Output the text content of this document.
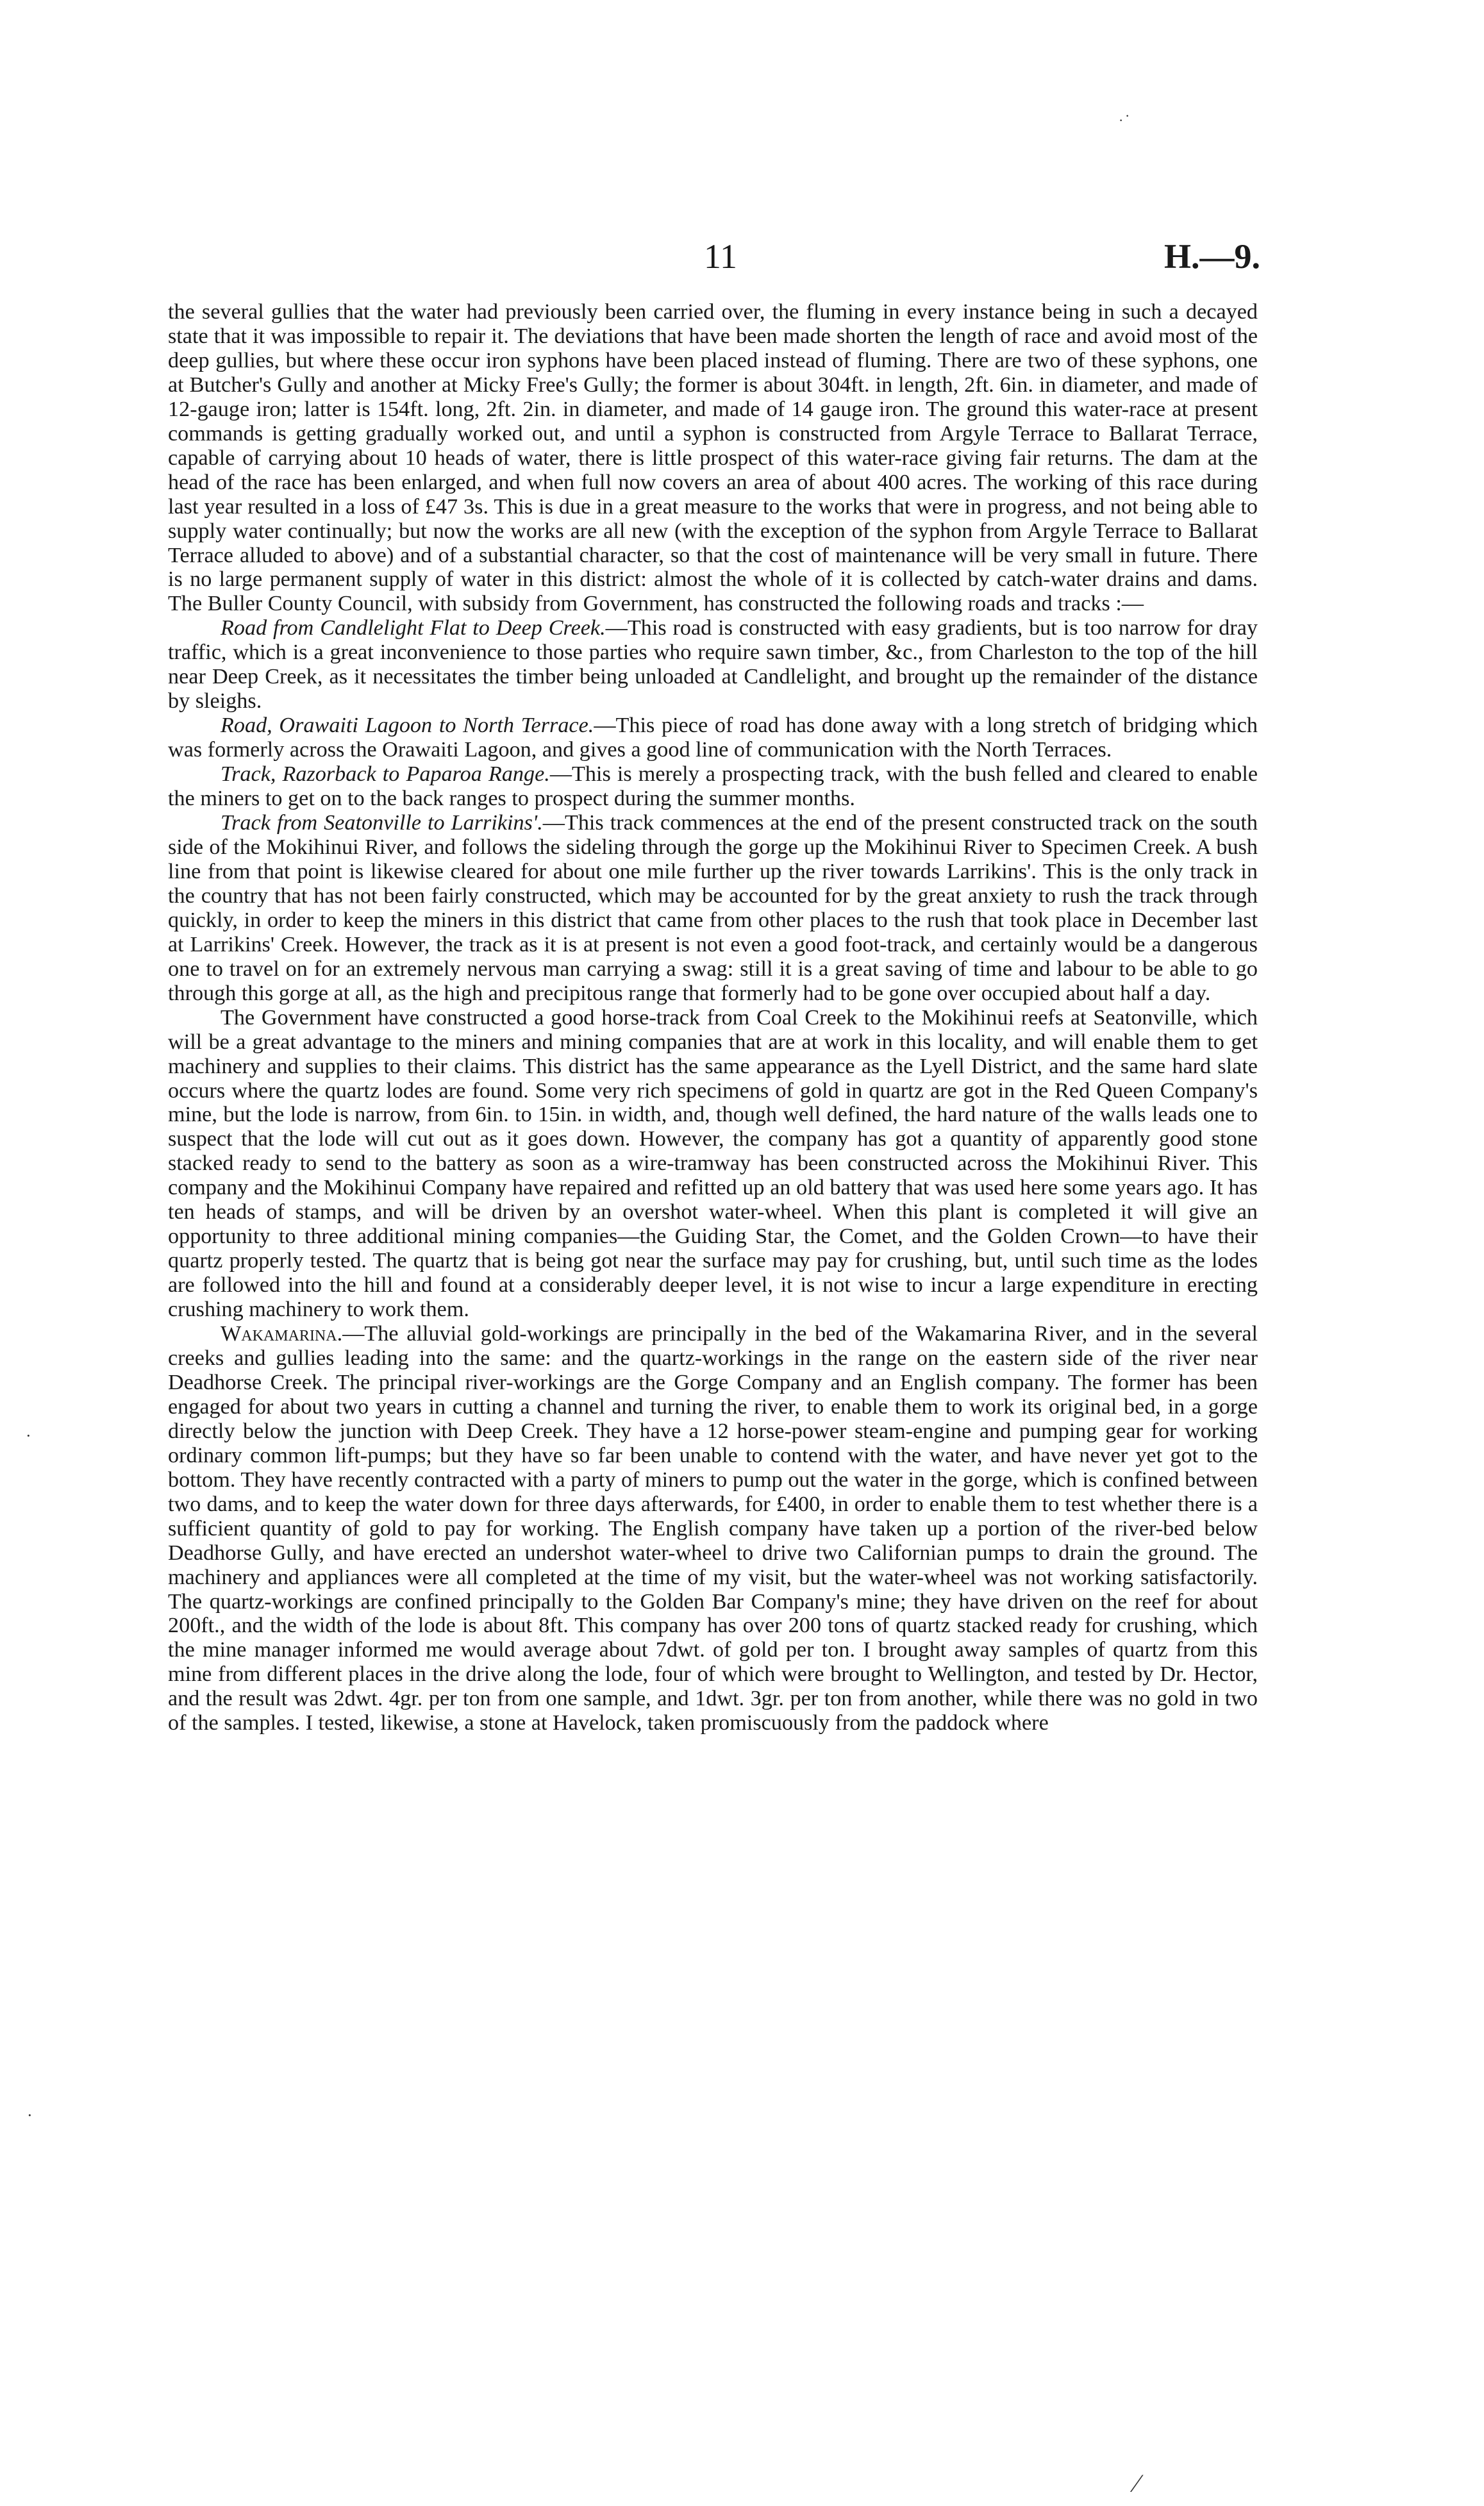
11	H.—9.
· ·
·
·
⁄

the several gullies that the water had previously been carried over, the fluming in every instance being in such a decayed state that it was impossible to repair it. The deviations that have been made shorten the length of race and avoid most of the deep gullies, but where these occur iron syphons have been placed instead of fluming. There are two of these syphons, one at Butcher's Gully and another at Micky Free's Gully; the former is about 304ft. in length, 2ft. 6in. in diameter, and made of 12-gauge iron; latter is 154ft. long, 2ft. 2in. in diameter, and made of 14 gauge iron. The ground this water-race at present commands is getting gradually worked out, and until a syphon is constructed from Argyle Terrace to Ballarat Terrace, capable of carrying about 10 heads of water, there is little prospect of this water-race giving fair returns. The dam at the head of the race has been enlarged, and when full now covers an area of about 400 acres. The working of this race during last year resulted in a loss of £47 3s. This is due in a great measure to the works that were in progress, and not being able to supply water continually; but now the works are all new (with the exception of the syphon from Argyle Terrace to Ballarat Terrace alluded to above) and of a substantial character, so that the cost of maintenance will be very small in future. There is no large permanent supply of water in this district: almost the whole of it is collected by catch-water drains and dams. The Buller County Council, with subsidy from Government, has constructed the following roads and tracks :—

Road from Candlelight Flat to Deep Creek.—This road is constructed with easy gradients, but is too narrow for dray traffic, which is a great inconvenience to those parties who require sawn timber, &c., from Charleston to the top of the hill near Deep Creek, as it necessitates the timber being unloaded at Candlelight, and brought up the remainder of the distance by sleighs.

Road, Orawaiti Lagoon to North Terrace.—This piece of road has done away with a long stretch of bridging which was formerly across the Orawaiti Lagoon, and gives a good line of communication with the North Terraces.

Track, Razorback to Paparoa Range.—This is merely a prospecting track, with the bush felled and cleared to enable the miners to get on to the back ranges to prospect during the summer months.

Track from Seatonville to Larrikins'.—This track commences at the end of the present constructed track on the south side of the Mokihinui River, and follows the sideling through the gorge up the Mokihinui River to Specimen Creek. A bush line from that point is likewise cleared for about one mile further up the river towards Larrikins'. This is the only track in the country that has not been fairly constructed, which may be accounted for by the great anxiety to rush the track through quickly, in order to keep the miners in this district that came from other places to the rush that took place in December last at Larrikins' Creek. However, the track as it is at present is not even a good foot-track, and certainly would be a dangerous one to travel on for an extremely nervous man carrying a swag: still it is a great saving of time and labour to be able to go through this gorge at all, as the high and precipitous range that formerly had to be gone over occupied about half a day.

The Government have constructed a good horse-track from Coal Creek to the Mokihinui reefs at Seatonville, which will be a great advantage to the miners and mining companies that are at work in this locality, and will enable them to get machinery and supplies to their claims. This district has the same appearance as the Lyell District, and the same hard slate occurs where the quartz lodes are found. Some very rich specimens of gold in quartz are got in the Red Queen Company's mine, but the lode is narrow, from 6in. to 15in. in width, and, though well defined, the hard nature of the walls leads one to suspect that the lode will cut out as it goes down. However, the company has got a quantity of apparently good stone stacked ready to send to the battery as soon as a wire-tramway has been constructed across the Mokihinui River. This company and the Mokihinui Company have repaired and refitted up an old battery that was used here some years ago. It has ten heads of stamps, and will be driven by an overshot water-wheel. When this plant is completed it will give an opportunity to three additional mining companies—the Guiding Star, the Comet, and the Golden Crown—to have their quartz properly tested. The quartz that is being got near the surface may pay for crushing, but, until such time as the lodes are followed into the hill and found at a considerably deeper level, it is not wise to incur a large expenditure in erecting crushing machinery to work them.

Wakamarina.—The alluvial gold-workings are principally in the bed of the Wakamarina River, and in the several creeks and gullies leading into the same: and the quartz-workings in the range on the eastern side of the river near Deadhorse Creek. The principal river-workings are the Gorge Company and an English company. The former has been engaged for about two years in cutting a channel and turning the river, to enable them to work its original bed, in a gorge directly below the junction with Deep Creek. They have a 12 horse-power steam-engine and pumping gear for working ordinary common lift-pumps; but they have so far been unable to contend with the water, and have never yet got to the bottom. They have recently contracted with a party of miners to pump out the water in the gorge, which is confined between two dams, and to keep the water down for three days afterwards, for £400, in order to enable them to test whether there is a sufficient quantity of gold to pay for working. The English company have taken up a portion of the river-bed below Deadhorse Gully, and have erected an undershot water-wheel to drive two Californian pumps to drain the ground. The machinery and appliances were all completed at the time of my visit, but the water-wheel was not working satisfactorily. The quartz-workings are confined principally to the Golden Bar Company's mine; they have driven on the reef for about 200ft., and the width of the lode is about 8ft. This company has over 200 tons of quartz stacked ready for crushing, which the mine manager informed me would average about 7dwt. of gold per ton. I brought away samples of quartz from this mine from different places in the drive along the lode, four of which were brought to Wellington, and tested by Dr. Hector, and the result was 2dwt. 4gr. per ton from one sample, and 1dwt. 3gr. per ton from another, while there was no gold in two of the samples. I tested, likewise, a stone at Havelock, taken promiscuously from the paddock where
